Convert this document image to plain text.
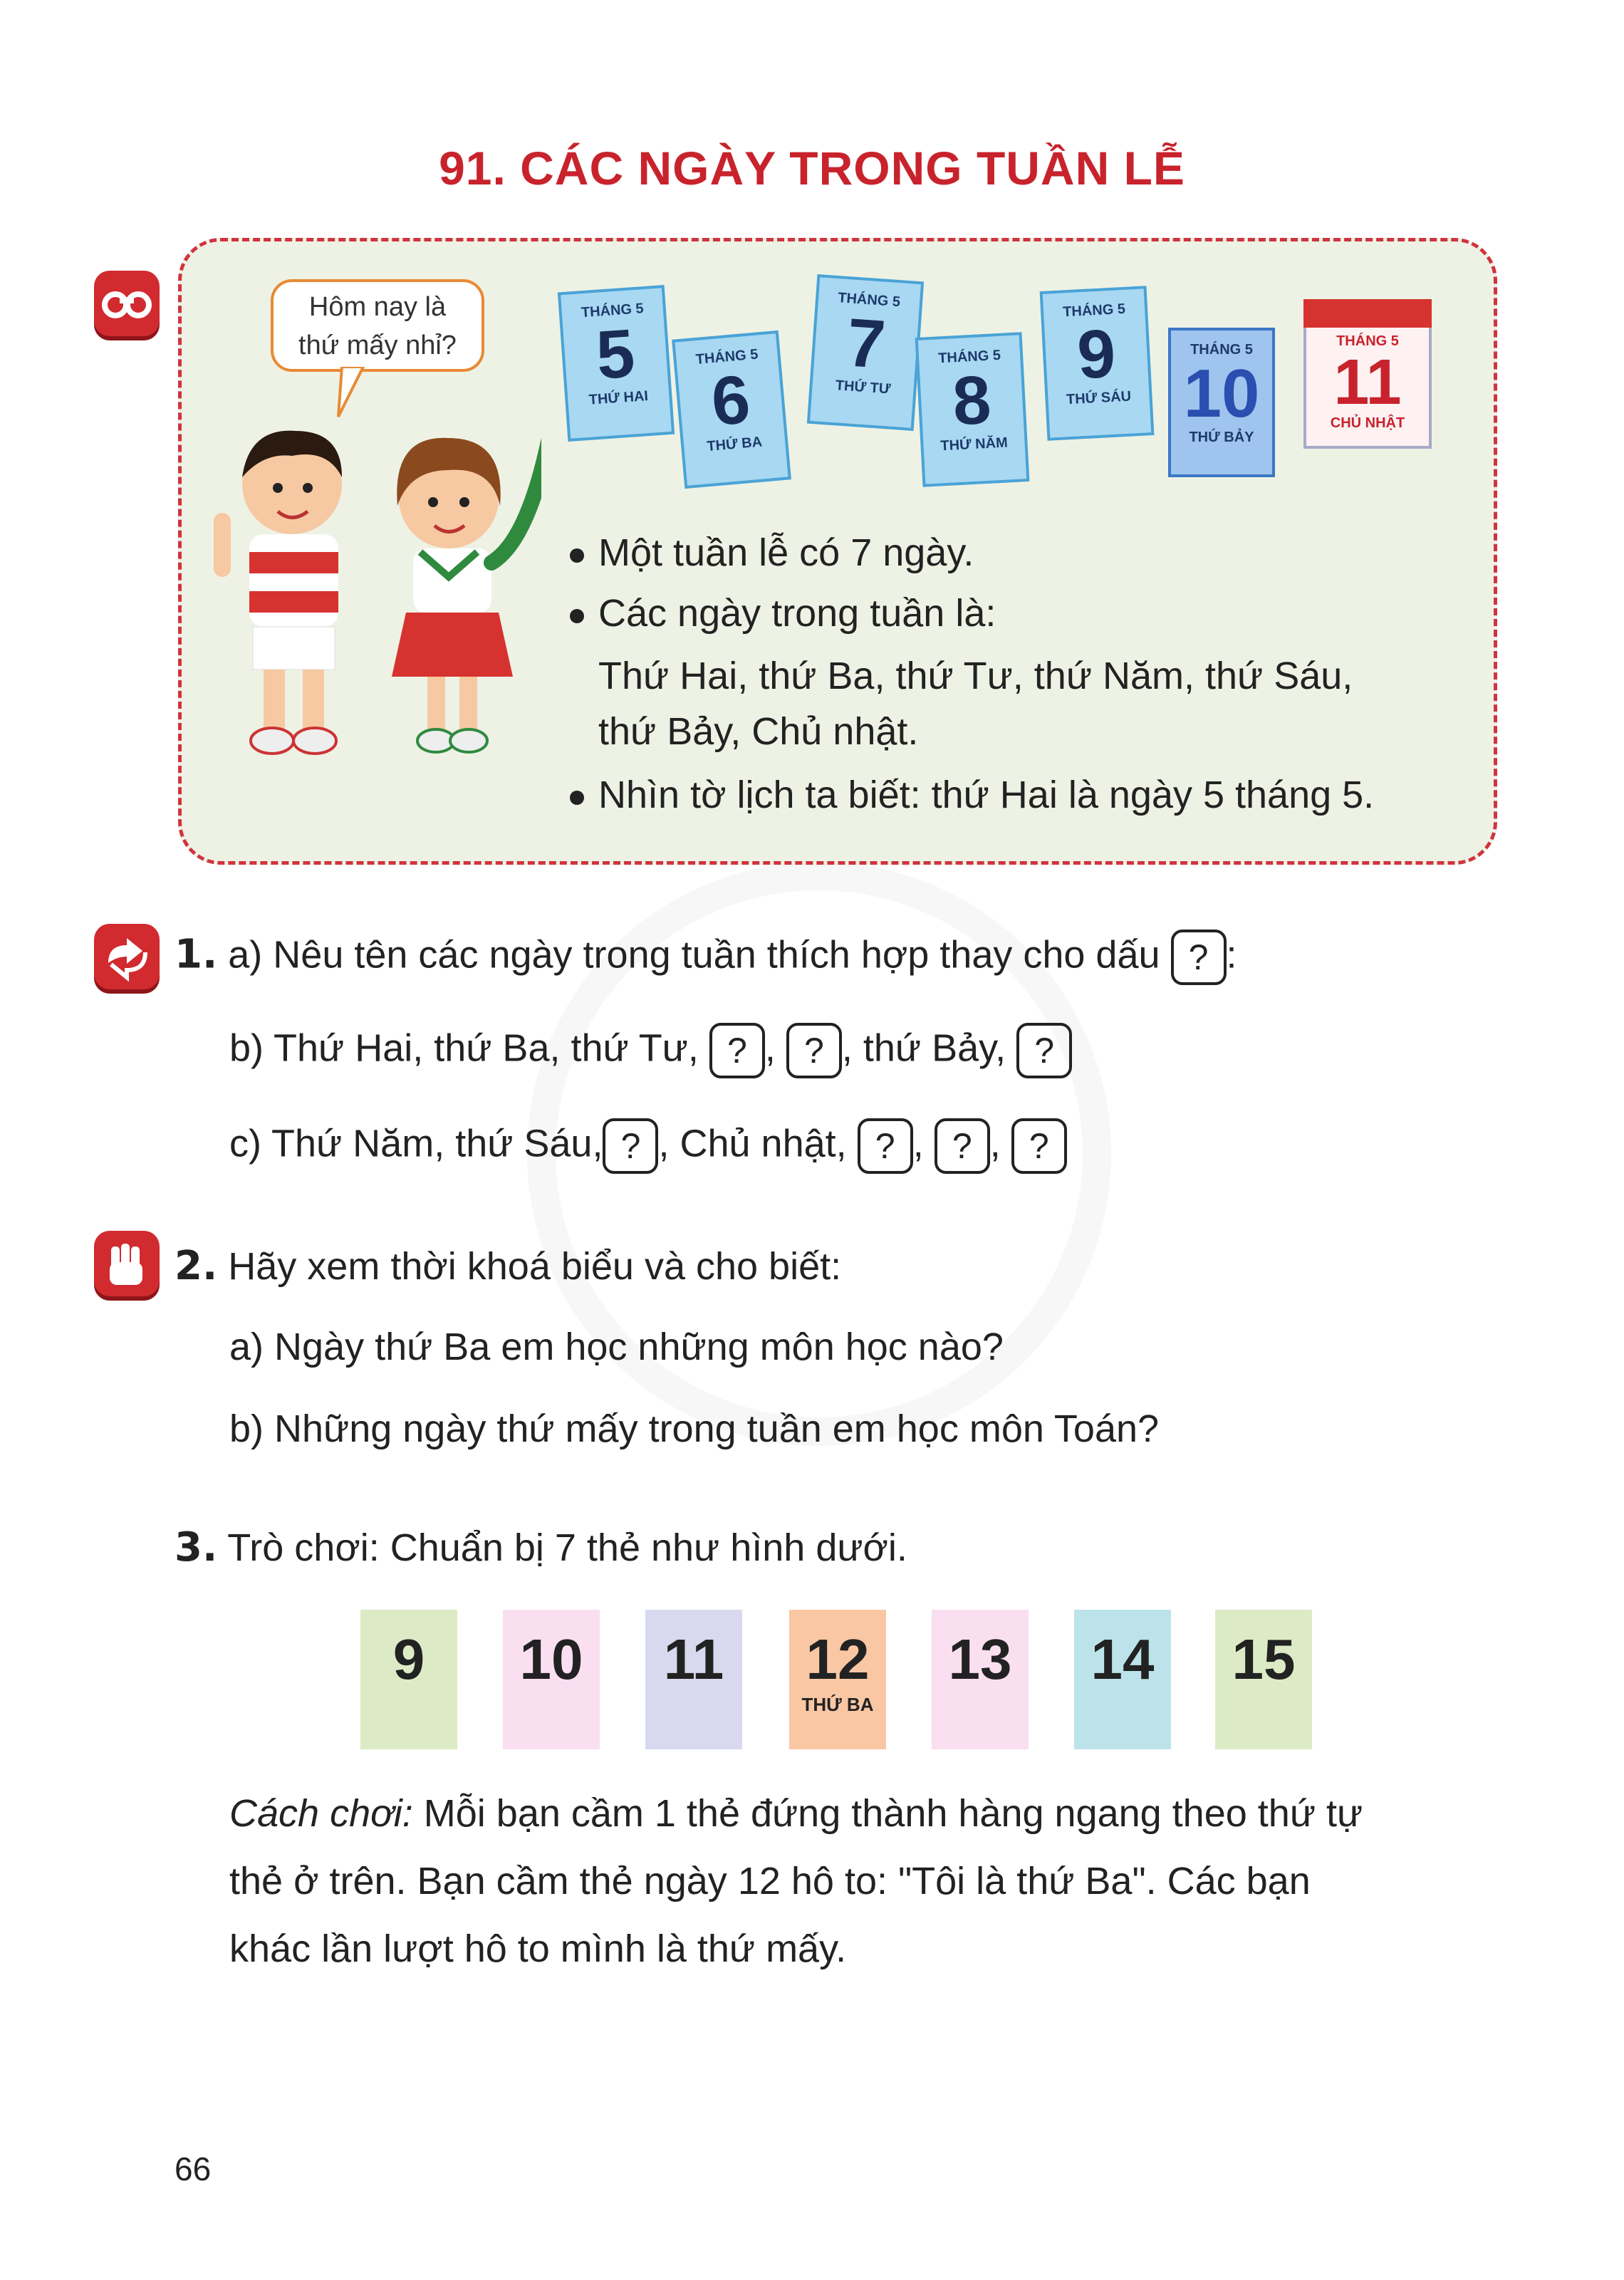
91. CÁC NGÀY TRONG TUẦN LỄ
Hôm nay là
thứ mấy nhỉ?
THÁNG 5
5
THỨ HAI
THÁNG 5
6
THỨ BA
THÁNG 5
7
THỨ TƯ
THÁNG 5
8
THỨ NĂM
THÁNG 5
9
THỨ SÁU
THÁNG 5
10
THỨ BẢY
THÁNG 5
11
CHỦ NHẬT
Một tuần lễ có 7 ngày.
Các ngày trong tuần là:
Thứ Hai, thứ Ba, thứ Tư, thứ Năm, thứ Sáu,
thứ Bảy, Chủ nhật.
Nhìn tờ lịch ta biết: thứ Hai là ngày 5 tháng 5.
1. a) Nêu tên các ngày trong tuần thích hợp thay cho dấu ? :
b) Thứ Hai, thứ Ba, thứ Tư, ? , ? , thứ Bảy, ?
c) Thứ Năm, thứ Sáu, ? , Chủ nhật, ? , ? , ?
2. Hãy xem thời khoá biểu và cho biết:
a) Ngày thứ Ba em học những môn học nào?
b) Những ngày thứ mấy trong tuần em học môn Toán?
3. Trò chơi: Chuẩn bị 7 thẻ như hình dưới.
9	10	11	12
THỨ BA
13 14 15
Cách chơi: Mỗi bạn cầm 1 thẻ đứng thành hàng ngang theo thứ tự
thẻ ở trên. Bạn cầm thẻ ngày 12 hô to: "Tôi là thứ Ba". Các bạn
khác lần lượt hô to mình là thứ mấy.
66
